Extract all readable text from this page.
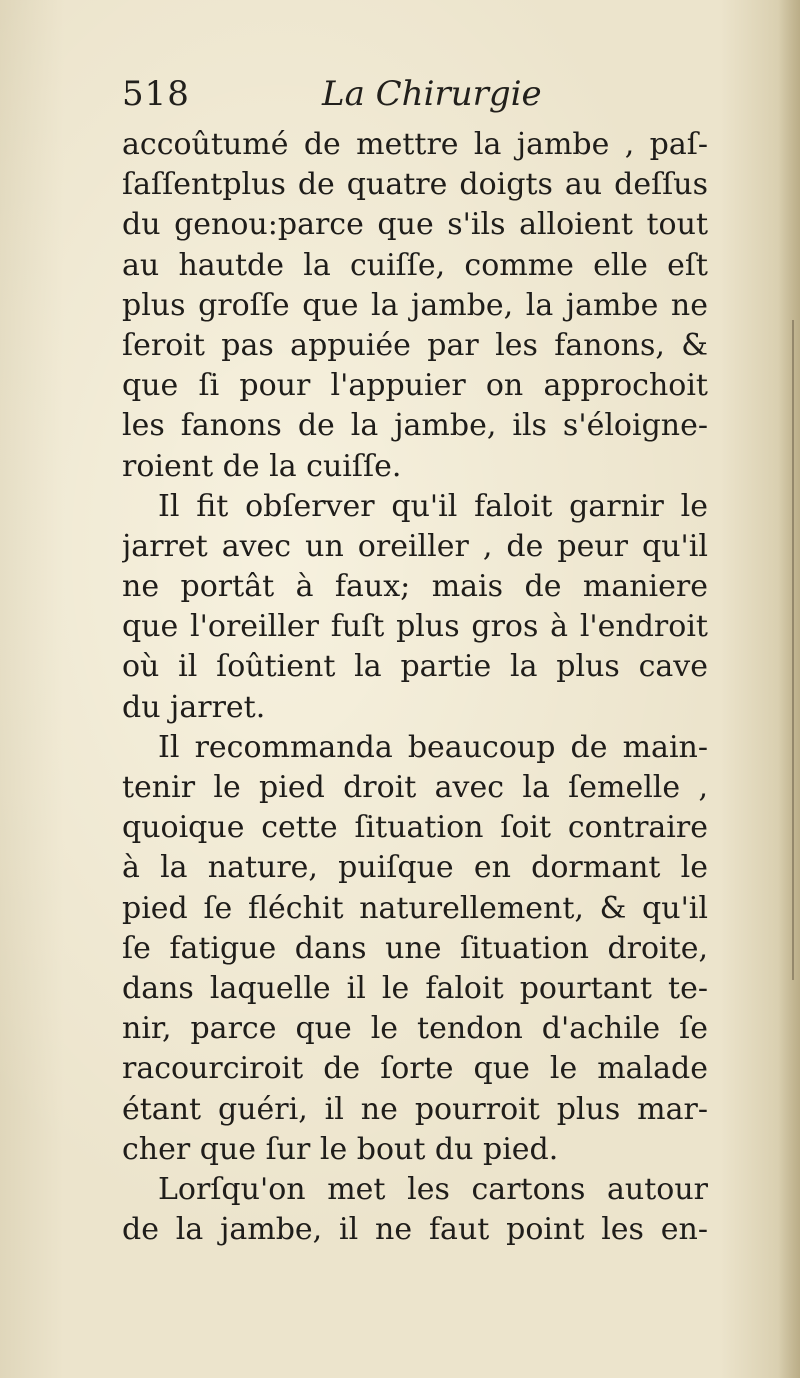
518	La Chirurgie
accoûtumé de mettre la jambe , paſ-
ſaſſentplus de quatre doigts au deſſus
du genou:parce que s'ils alloient tout
au hautde la cuiſſe, comme elle eſt
plus groſſe que la jambe, la jambe ne
ſeroit pas appuiée par les fanons, &
que ſi pour l'appuier on approchoit
les fanons de la jambe, ils s'éloigne-
roient de la cuiſſe.
Il fit obſerver qu'il faloit garnir le
jarret avec un oreiller , de peur qu'il
ne portât à faux; mais de maniere
que l'oreiller fuſt plus gros à l'endroit
où il ſoûtient la partie la plus cave
du jarret.
Il recommanda beaucoup de main-
tenir le pied droit avec la ſemelle ,
quoique cette ſituation ſoit contraire
à la nature, puiſque en dormant le
pied ſe fléchit naturellement, & qu'il
ſe fatigue dans une ſituation droite,
dans laquelle il le faloit pourtant te-
nir, parce que le tendon d'achile ſe
racourciroit de ſorte que le malade
étant guéri, il ne pourroit plus mar-
cher que ſur le bout du pied.
Lorſqu'on met les cartons autour
de la jambe, il ne faut point les en-
